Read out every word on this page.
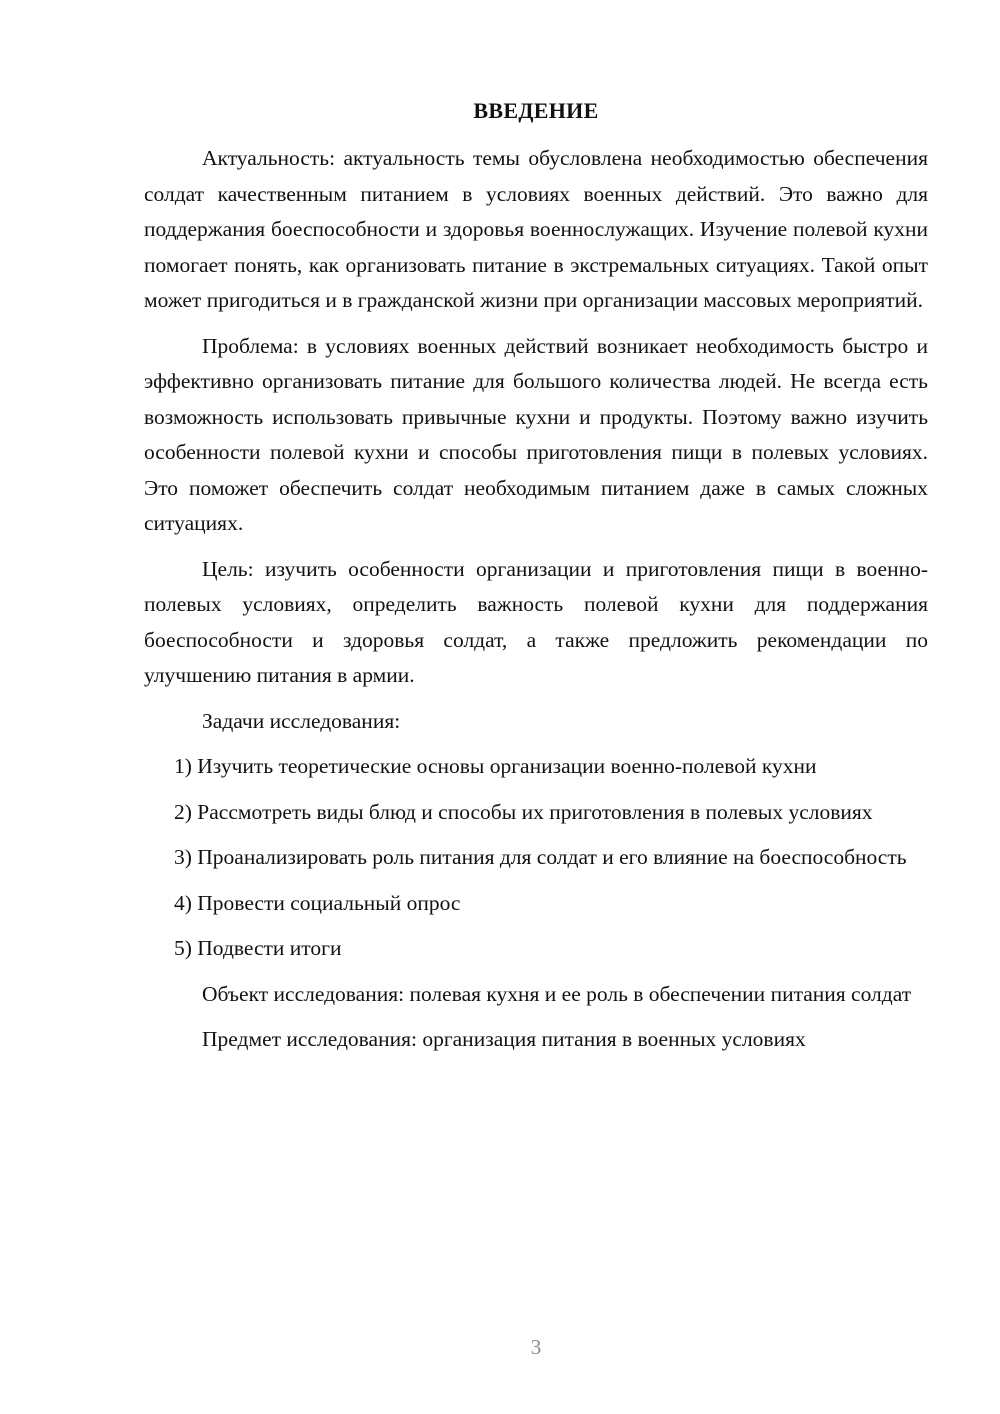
ВВЕДЕНИЕ

Актуальность: актуальность темы обусловлена необходимостью обеспечения солдат качественным питанием в условиях военных действий. Это важно для поддержания боеспособности и здоровья военнослужащих. Изучение полевой кухни помогает понять, как организовать питание в экстремальных ситуациях. Такой опыт может пригодиться и в гражданской жизни при организации массовых мероприятий.

Проблема: в условиях военных действий возникает необходимость быстро и эффективно организовать питание для большого количества людей. Не всегда есть возможность использовать привычные кухни и продукты. Поэтому важно изучить особенности полевой кухни и способы приготовления пищи в полевых условиях. Это поможет обеспечить солдат необходимым питанием даже в самых сложных ситуациях.

Цель: изучить особенности организации и приготовления пищи в военно-полевых условиях, определить важность полевой кухни для поддержания боеспособности и здоровья солдат, а также предложить рекомендации по улучшению питания в армии.

Задачи исследования:

1) Изучить теоретические основы организации военно-полевой кухни

2) Рассмотреть виды блюд и способы их приготовления в полевых условиях

3) Проанализировать роль питания для солдат и его влияние на боеспособность

4) Провести социальный опрос

5) Подвести итоги

Объект исследования: полевая кухня и ее роль в обеспечении питания солдат

Предмет исследования: организация питания в военных условиях

3
